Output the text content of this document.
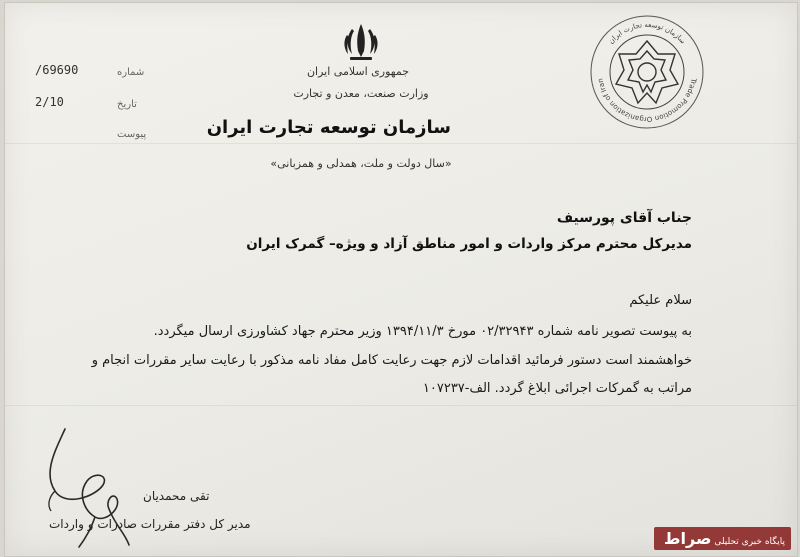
/69690	شماره
2/10	تاریخ
پیوست
جمهوری اسلامی ایران
وزارت صنعت، معدن و تجارت
سازمان توسعه تجارت ایران
«سال دولت و ملت، همدلی و همزبانی»
سازمان توسعه تجارت ایران
Trade Promotion Organization of Iran
جناب آقای پورسیف
مدیرکل محترم مرکز واردات و امور مناطق آزاد و ویژه– گمرک ایران
سلام علیکم
به پیوست تصویر نامه شماره ۰۲/۳۲۹۴۳ مورخ ۱۳۹۴/۱۱/۳ وزیر محترم جهاد کشاورزی ارسال میگردد.
خواهشمند است دستور فرمائید اقدامات لازم جهت رعایت کامل مفاد نامه مذکور با رعایت سایر مقررات انجام و
مراتب به گمرکات اجرائی ابلاغ گردد. الف-۱۰۷۲۳۷
تقی محمدیان
مدیر کل دفتر مقررات صادرات و واردات
پایگاه خبری تحلیلی صراط
